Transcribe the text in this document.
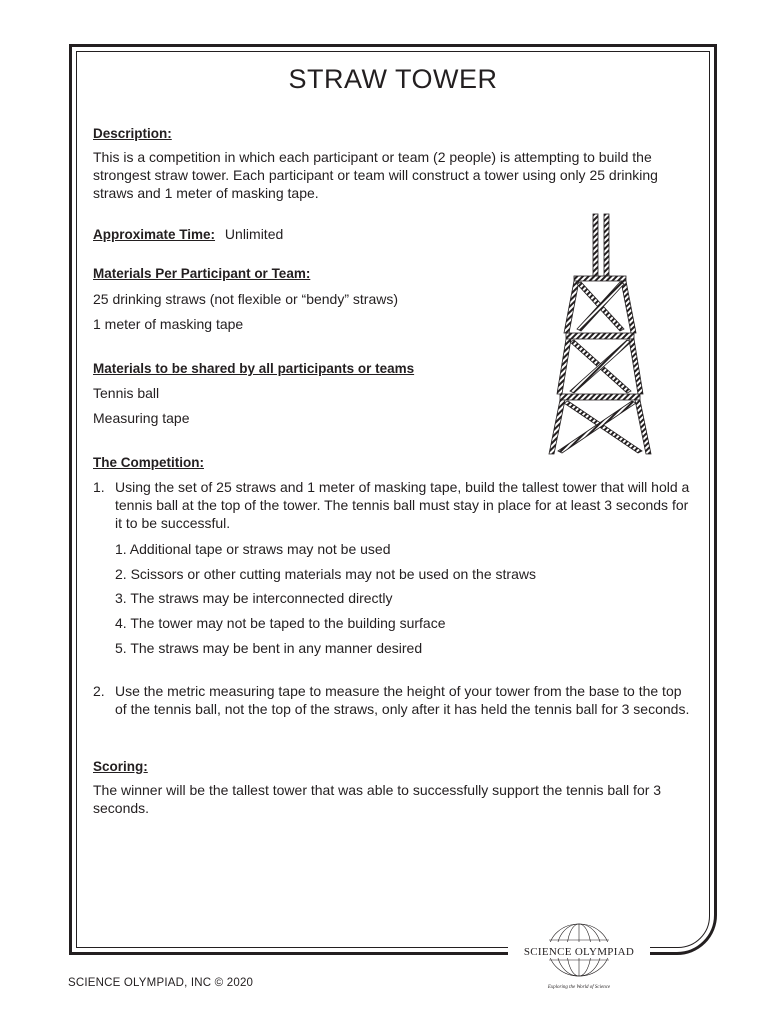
STRAW TOWER
Description:
This is a competition in which each participant or team (2 people) is attempting to build the strongest straw tower. Each participant or team will construct a tower using only 25 drinking straws and 1 meter of masking tape.
Approximate Time: Unlimited
Materials Per Participant or Team:
25 drinking straws (not flexible or “bendy” straws)
1 meter of masking tape
Materials to be shared by all participants or teams
Tennis ball
Measuring tape
The Competition:
1. Using the set of 25 straws and 1 meter of masking tape, build the tallest tower that will hold a tennis ball at the top of the tower. The tennis ball must stay in place for at least 3 seconds for it to be successful.
1. Additional tape or straws may not be used
2. Scissors or other cutting materials may not be used on the straws
3. The straws may be interconnected directly
4. The tower may not be taped to the building surface
5. The straws may be bent in any manner desired
2. Use the metric measuring tape to measure the height of your tower from the base to the top of the tennis ball, not the top of the straws, only after it has held the tennis ball for 3 seconds.
Scoring:
The winner will be the tallest tower that was able to successfully support the tennis ball for 3 seconds.
SCIENCE OLYMPIAD, INC © 2020
SCIENCE OLYMPIAD
Exploring the World of Science
